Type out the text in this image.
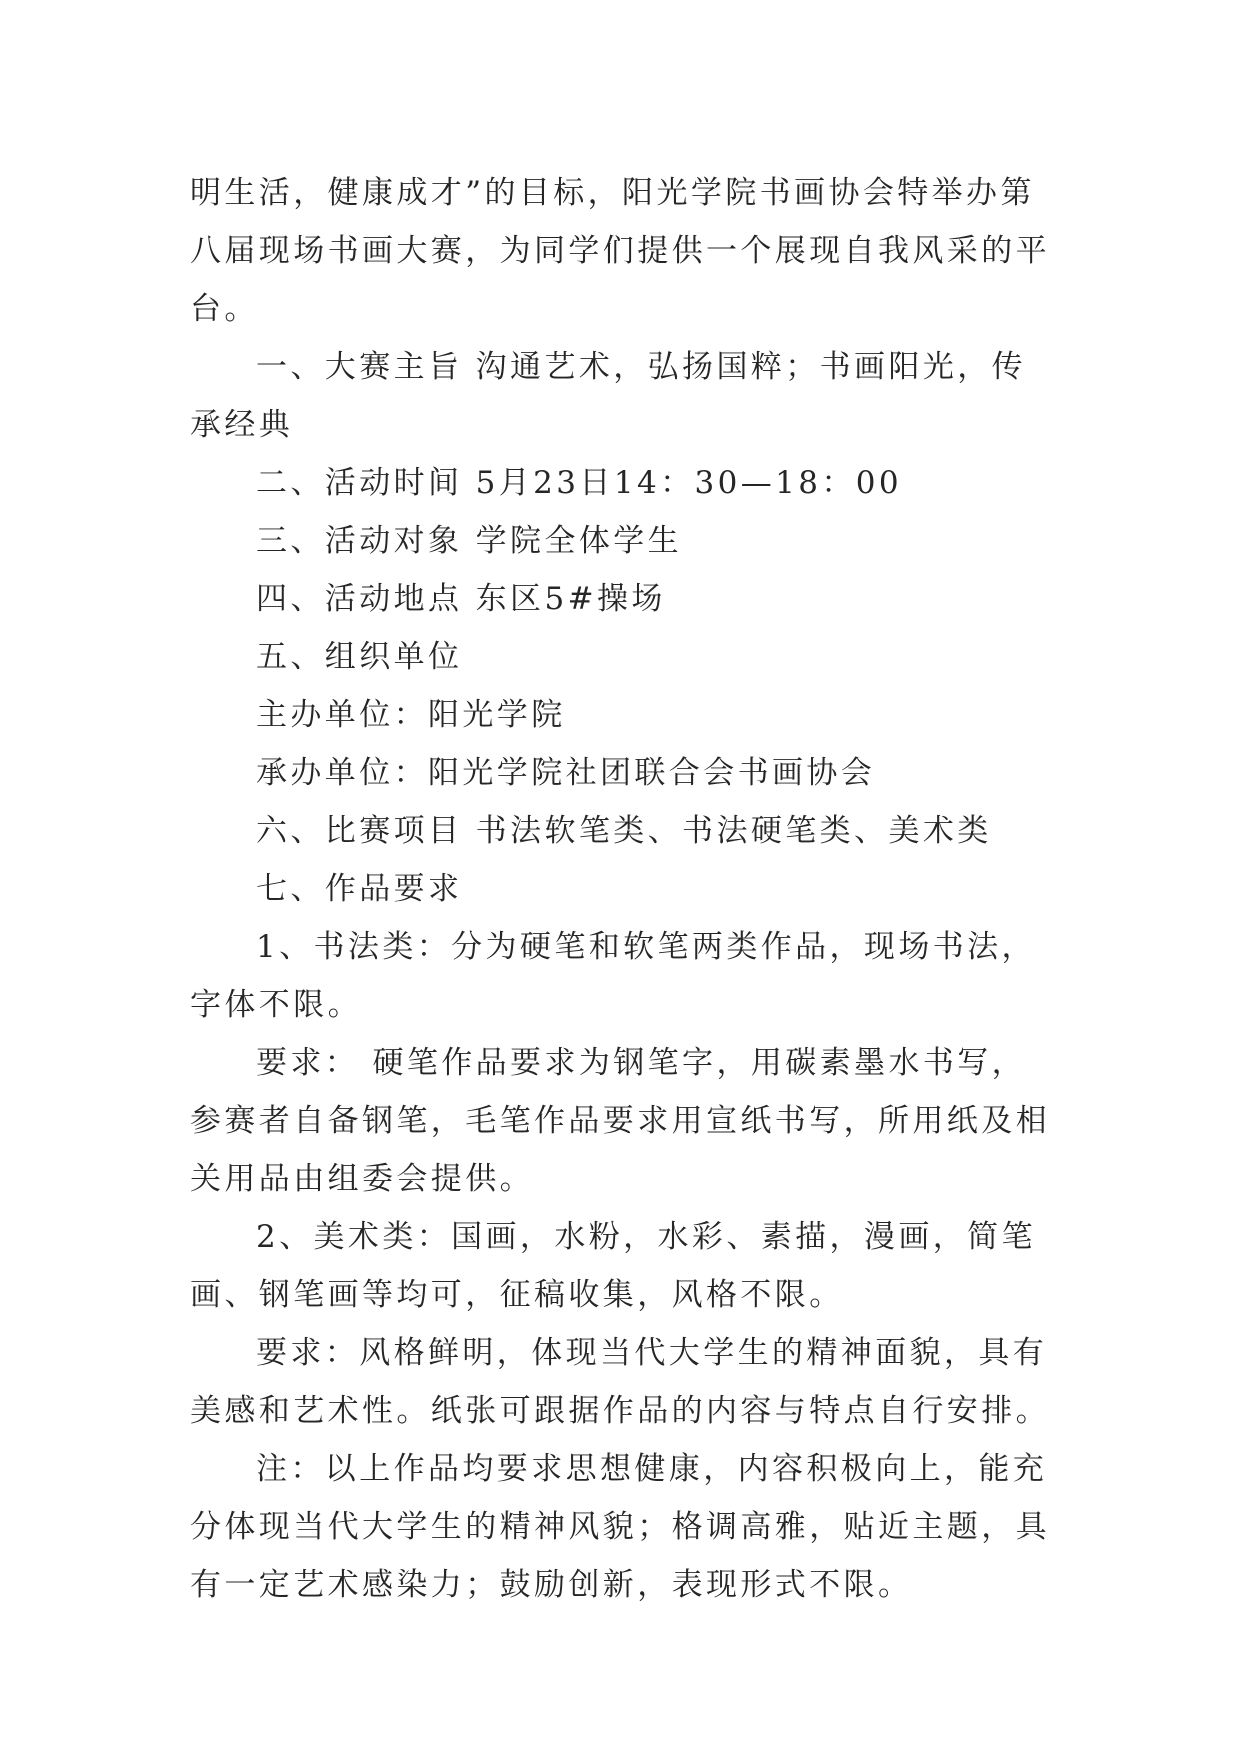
明生活，健康成才”的目标，阳光学院书画协会特举办第八届现场书画大赛，为同学们提供一个展现自我风采的平台。

一、大赛主旨 沟通艺术，弘扬国粹；书画阳光，传承经典

二、活动时间 5月23日14：30—18：00

三、活动对象 学院全体学生

四、活动地点 东区5#操场

五、组织单位

主办单位：阳光学院

承办单位：阳光学院社团联合会书画协会

六、比赛项目 书法软笔类、书法硬笔类、美术类

七、作品要求

1、书法类：分为硬笔和软笔两类作品，现场书法，字体不限。

要求： 硬笔作品要求为钢笔字，用碳素墨水书写，参赛者自备钢笔，毛笔作品要求用宣纸书写，所用纸及相关用品由组委会提供。

2、美术类：国画，水粉，水彩、素描，漫画，简笔画、钢笔画等均可，征稿收集，风格不限。

要求：风格鲜明，体现当代大学生的精神面貌，具有美感和艺术性。纸张可跟据作品的内容与特点自行安排。

注：以上作品均要求思想健康，内容积极向上，能充分体现当代大学生的精神风貌；格调高雅，贴近主题，具有一定艺术感染力；鼓励创新，表现形式不限。
